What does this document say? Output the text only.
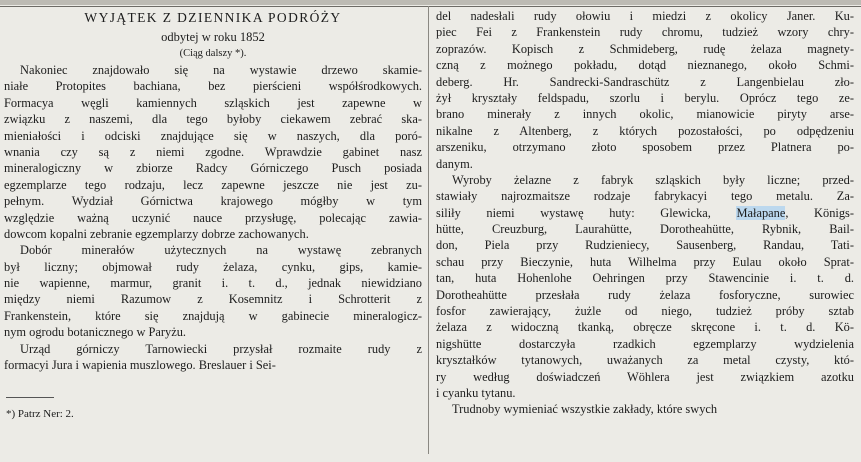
WYJĄTEK Z DZIENNIKA PODRÓŻY
odbytej w roku 1852
(Ciąg dalszy *).
Nakoniec znajdowało się na wystawie drzewo skamie-
niałe Protopites bachiana, bez pierścieni współśrodkowych.
Formacya węgli kamiennych szląskich jest zapewne w
związku z naszemi, dla tego byłoby ciekawem zebrać ska-
mieniałości i odciski znajdujące się w naszych, dla poró-
wnania czy są z niemi zgodne. Wprawdzie gabinet nasz
mineralogiczny w zbiorze Radcy Górniczego Pusch posiada
egzemplarze tego rodzaju, lecz zapewne jeszcze nie jest zu-
pełnym. Wydział Górnictwa krajowego mógłby w tym
względzie ważną uczynić nauce przysługę, polecając zawia-
dowcom kopalni zebranie egzemplarzy dobrze zachowanych.
Dobór minerałów użytecznych na wystawę zebranych
był liczny; objmował rudy żelaza, cynku, gips, kamie-
nie wapienne, marmur, granit i. t. d., jednak niewidziano
między niemi Razumow z Kosemnitz i Schrotterit z
Frankenstein, które się znajdują w gabinecie mineralogicz-
nym ogrodu botanicznego w Paryżu.
Urząd górniczy Tarnowiecki przysłał rozmaite rudy z
formacyi Jura i wapienia muszlowego. Breslauer i Sei-
del nadesłali rudy ołowiu i miedzi z okolicy Janer. Ku-
piec Fei z Frankenstein rudy chromu, tudzież wzory chry-
zoprazów. Kopisch z Schmideberg, rudę żelaza magnety-
czną z możnego pokładu, dotąd nieznanego, około Schmi-
deberg. Hr. Sandrecki-Sandraschütz z Langenbielau zło-
żył kryształy feldspadu, szorlu i berylu. Oprócz tego ze-
brano minerały z innych okolic, mianowicie piryty arse-
nikalne z Altenberg, z których pozostałości, po odpędzeniu
arszeniku, otrzymano złoto sposobem przez Platnera po-
danym.
Wyroby żelazne z fabryk szląskich były liczne; przed-
stawiały najrozmaitsze rodzaje fabrykacyi tego metalu. Za-
siliły niemi wystawę huty: Glewicka, Małapane, Königs-
hütte, Creuzburg, Laurahütte, Dorotheahütte, Rybnik, Bail-
don, Piela przy Rudzieniecy, Sausenberg, Randau, Tati-
schau przy Bieczynie, huta Wilhelma przy Eulau około Sprat-
tan, huta Hohenlohe Oehringen przy Stawencinie i. t. d.
Dorotheahütte przesłała rudy żelaza fosforyczne, surowiec
fosfor zawierający, żużle od niego, tudzież próby sztab
żelaza z widoczną tkanką, obręcze skręcone i. t. d. Kö-
nigshütte dostarczyła rzadkich egzemplarzy wydzielenia
kryształków tytanowych, uważanych za metal czysty, któ-
ry według doświadczeń Wöhlera jest związkiem azotku
i cyanku tytanu.
Trudnoby wymieniać wszystkie zakłady, które swych
*) Patrz Ner: 2.
